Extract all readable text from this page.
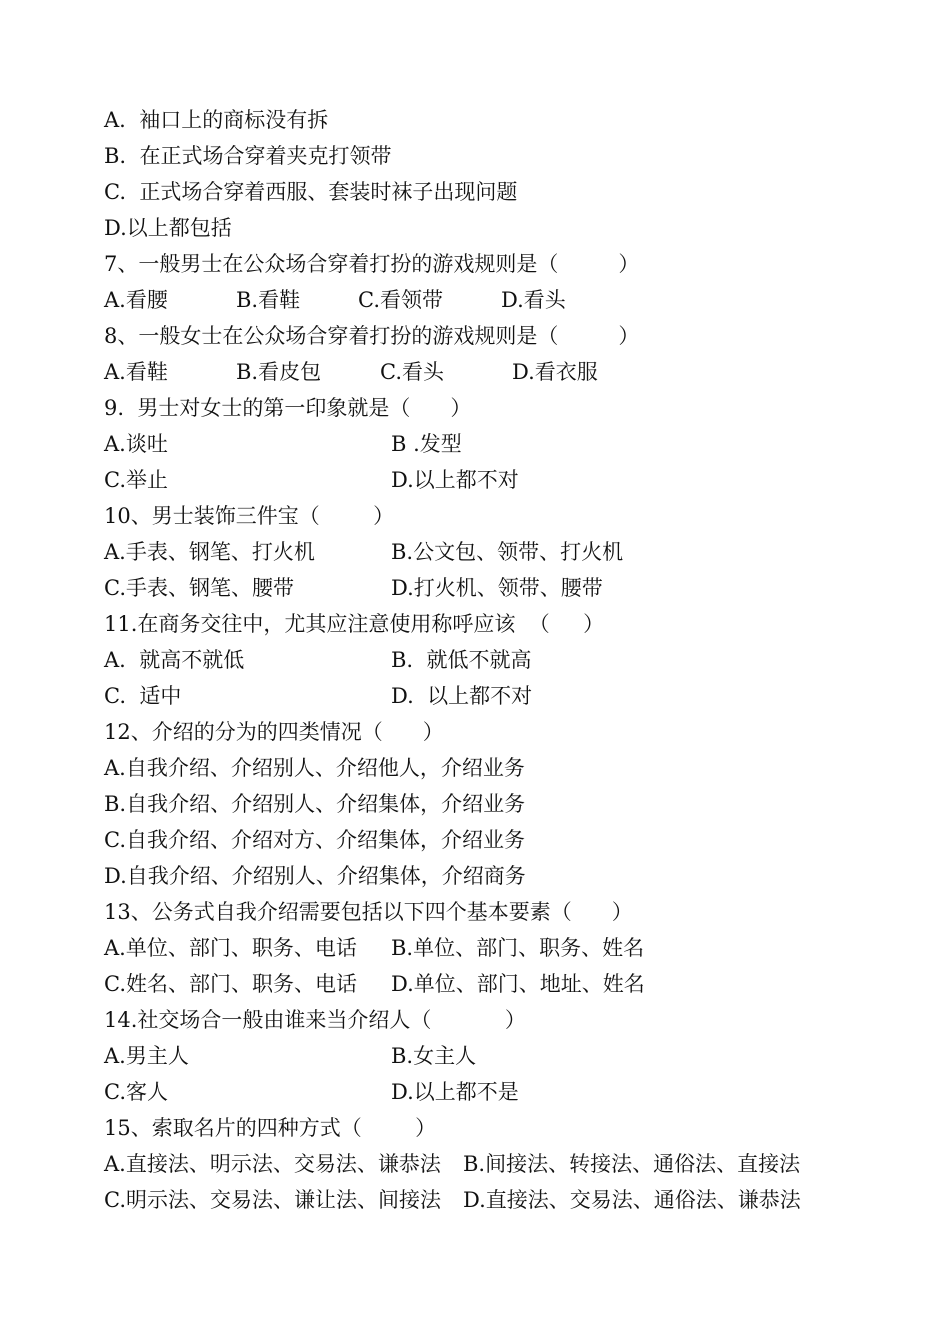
A.  袖口上的商标没有拆
B.  在正式场合穿着夹克打领带
C.  正式场合穿着西服、套装时袜子出现问题
D.以上都包括
7、一般男士在公众场合穿着打扮的游戏规则是（         ）

A.看腰

	B.看鞋

	C.看领带

	D.看头

8、一般女士在公众场合穿着打扮的游戏规则是（         ）

A.看鞋

	B.看皮包

	C.看头

	D.看衣服

9.  男士对女士的第一印象就是（      ）

A.谈吐

	B .发型

C.举止

	D.以上都不对

10、男士装饰三件宝（        ）

A.手表、钢笔、打火机

	B.公文包、领带、打火机

C.手表、钢笔、腰带

	D.打火机、领带、腰带

11.在商务交往中，尤其应注意使用称呼应该  （     ）

A.  就高不就低

	B.  就低不就高

C.  适中

	D.  以上都不对

12、介绍的分为的四类情况（      ）
A.自我介绍、介绍别人、介绍他人，介绍业务
B.自我介绍、介绍别人、介绍集体，介绍业务
C.自我介绍、介绍对方、介绍集体，介绍业务
D.自我介绍、介绍别人、介绍集体，介绍商务
13、公务式自我介绍需要包括以下四个基本要素（      ）

A.单位、部门、职务、电话

B.单位、部门、职务、姓名

C.姓名、部门、职务、电话

D.单位、部门、地址、姓名

14.社交场合一般由谁来当介绍人（           ）

A.男主人

	B.女主人

C.客人

	D.以上都不是

15、索取名片的四种方式（        ）

A.直接法、明示法、交易法、谦恭法

B.间接法、转接法、通俗法、直接法

C.明示法、交易法、谦让法、间接法

D.直接法、交易法、通俗法、谦恭法
